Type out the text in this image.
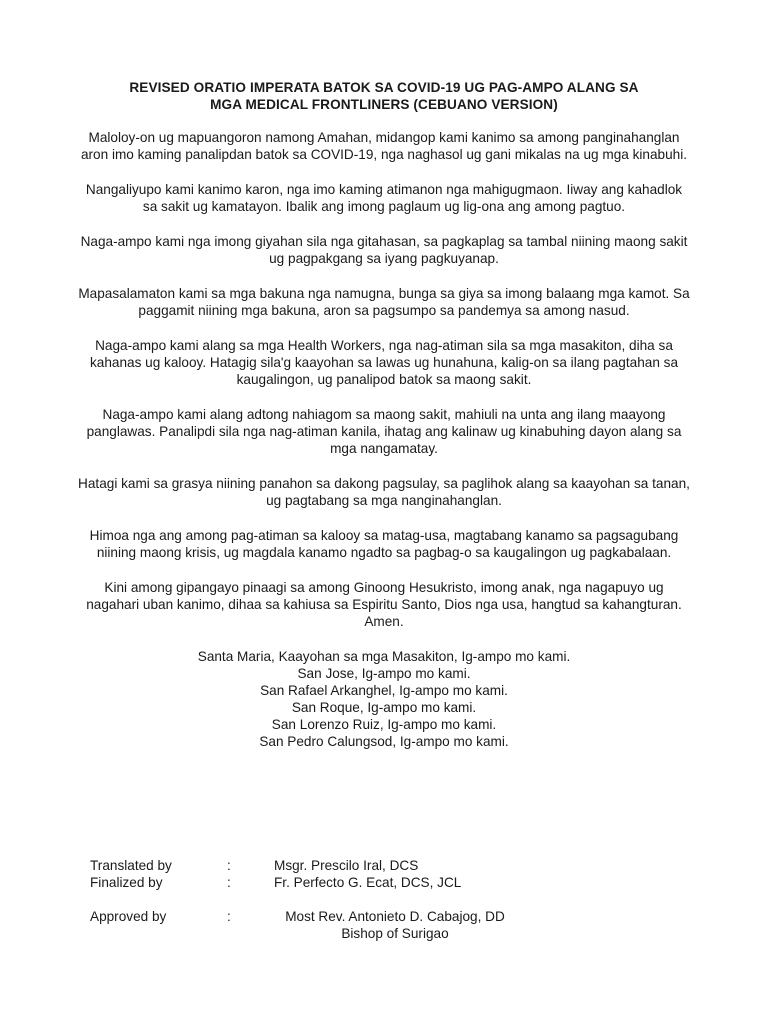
REVISED ORATIO IMPERATA BATOK SA COVID-19 UG PAG-AMPO ALANG SA
MGA MEDICAL FRONTLINERS (CEBUANO VERSION)

Maloloy-on ug mapuangoron namong Amahan, midangop kami kanimo sa among panginahanglan aron imo kaming panalipdan batok sa COVID-19, nga naghasol ug gani mikalas na ug mga kinabuhi.

Nangaliyupo kami kanimo karon, nga imo kaming atimanon nga mahigugmaon. Iiway ang kahadlok sa sakit ug kamatayon. Ibalik ang imong paglaum ug lig-ona ang among pagtuo.

Naga-ampo kami nga imong giyahan sila nga gitahasan, sa pagkaplag sa tambal niining maong sakit ug pagpakgang sa iyang pagkuyanap.

Mapasalamaton kami sa mga bakuna nga namugna, bunga sa giya sa imong balaang mga kamot. Sa paggamit niining mga bakuna, aron sa pagsumpo sa pandemya sa among nasud.

Naga-ampo kami alang sa mga Health Workers, nga nag-atiman sila sa mga masakiton, diha sa kahanas ug kalooy. Hatagig sila'g kaayohan sa lawas ug hunahuna, kalig-on sa ilang pagtahan sa kaugalingon, ug panalipod batok sa maong sakit.

Naga-ampo kami alang adtong nahiagom sa maong sakit, mahiuli na unta ang ilang maayong panglawas. Panalipdi sila nga nag-atiman kanila, ihatag ang kalinaw ug kinabuhing dayon alang sa mga nangamatay.

Hatagi kami sa grasya niining panahon sa dakong pagsulay, sa paglihok alang sa kaayohan sa tanan, ug pagtabang sa mga nanginahanglan.

Himoa nga ang among pag-atiman sa kalooy sa matag-usa, magtabang kanamo sa pagsagubang niining maong krisis, ug magdala kanamo ngadto sa pagbag-o sa kaugalingon ug pagkabalaan.

Kini among gipangayo pinaagi sa among Ginoong Hesukristo, imong anak, nga nagapuyo ug nagahari uban kanimo, dihaa sa kahiusa sa Espiritu Santo, Dios nga usa, hangtud sa kahangturan. Amen.

Santa Maria, Kaayohan sa mga Masakiton, Ig-ampo mo kami.
San Jose, Ig-ampo mo kami.
San Rafael Arkanghel, Ig-ampo mo kami.
San Roque, Ig-ampo mo kami.
San Lorenzo Ruiz, Ig-ampo mo kami.
San Pedro Calungsod, Ig-ampo mo kami.
Translated by	:	Msgr. Prescilo Iral, DCS
Finalized by	:	Fr. Perfecto G. Ecat, DCS, JCL
Approved by	:	Most Rev. Antonieto D. Cabajog, DD
Bishop of Surigao
